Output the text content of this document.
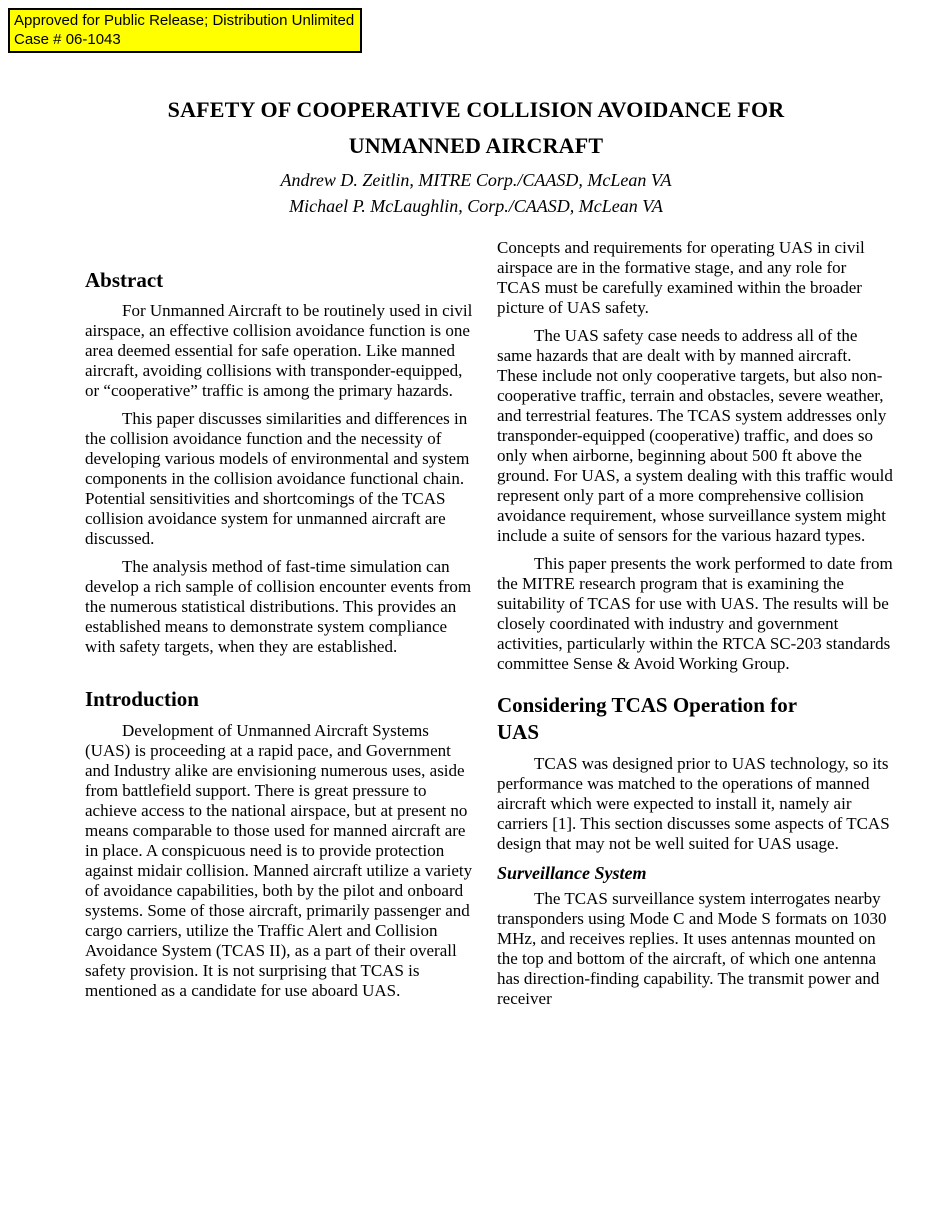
Approved for Public Release; Distribution Unlimited
Case # 06-1043
SAFETY OF COOPERATIVE COLLISION AVOIDANCE FOR
UNMANNED AIRCRAFT
Andrew D. Zeitlin, MITRE Corp./CAASD, McLean VA
Michael P. McLaughlin, Corp./CAASD, McLean VA
Abstract

For Unmanned Aircraft to be routinely used in civil airspace, an effective collision avoidance function is one area deemed essential for safe operation. Like manned aircraft, avoiding collisions with transponder-equipped, or “cooperative” traffic is among the primary hazards.

This paper discusses similarities and differences in the collision avoidance function and the necessity of developing various models of environmental and system components in the collision avoidance functional chain. Potential sensitivities and shortcomings of the TCAS collision avoidance system for unmanned aircraft are discussed.

The analysis method of fast-time simulation can develop a rich sample of collision encounter events from the numerous statistical distributions. This provides an established means to demonstrate system compliance with safety targets, when they are established.

Introduction

Development of Unmanned Aircraft Systems (UAS) is proceeding at a rapid pace, and Government and Industry alike are envisioning numerous uses, aside from battlefield support. There is great pressure to achieve access to the national airspace, but at present no means comparable to those used for manned aircraft are in place. A conspicuous need is to provide protection against midair collision. Manned aircraft utilize a variety of avoidance capabilities, both by the pilot and onboard systems. Some of those aircraft, primarily passenger and cargo carriers, utilize the Traffic Alert and Collision Avoidance System (TCAS II), as a part of their overall safety provision. It is not surprising that TCAS is mentioned as a candidate for use aboard UAS.

Concepts and requirements for operating UAS in civil airspace are in the formative stage, and any role for TCAS must be carefully examined within the broader picture of UAS safety.

The UAS safety case needs to address all of the same hazards that are dealt with by manned aircraft. These include not only cooperative targets, but also non-cooperative traffic, terrain and obstacles, severe weather, and terrestrial features. The TCAS system addresses only transponder-equipped (cooperative) traffic, and does so only when airborne, beginning about 500 ft above the ground. For UAS, a system dealing with this traffic would represent only part of a more comprehensive collision avoidance requirement, whose surveillance system might include a suite of sensors for the various hazard types.

This paper presents the work performed to date from the MITRE research program that is examining the suitability of TCAS for use with UAS. The results will be closely coordinated with industry and government activities, particularly within the RTCA SC-203 standards committee Sense & Avoid Working Group.

Considering TCAS Operation for
UAS

TCAS was designed prior to UAS technology, so its performance was matched to the operations of manned aircraft which were expected to install it, namely air carriers [1]. This section discusses some aspects of TCAS design that may not be well suited for UAS usage.

Surveillance System

The TCAS surveillance system interrogates nearby transponders using Mode C and Mode S formats on 1030 MHz, and receives replies. It uses antennas mounted on the top and bottom of the aircraft, of which one antenna has direction-finding capability. The transmit power and receiver
